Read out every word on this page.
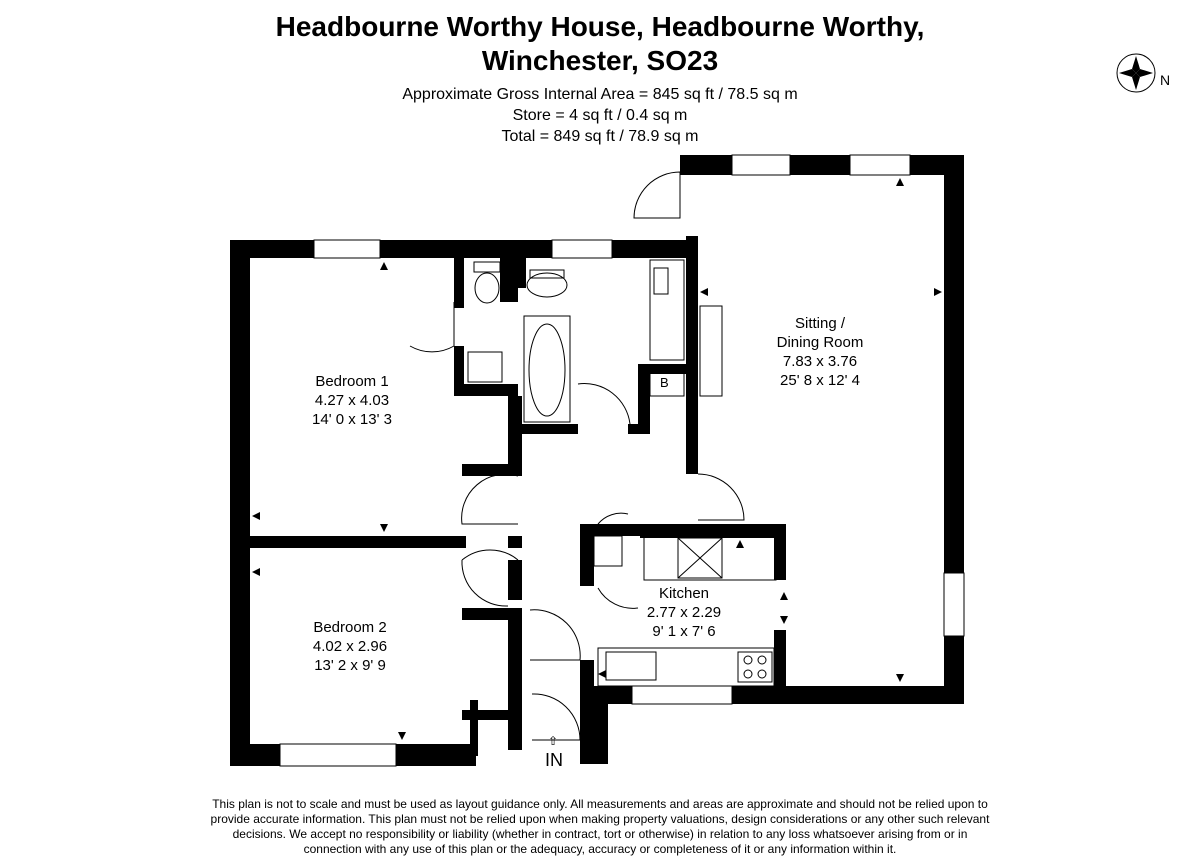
Headbourne Worthy House, Headbourne Worthy,
Winchester, SO23
Approximate Gross Internal Area = 845 sq ft / 78.5 sq m
Store = 4 sq ft / 0.4 sq m
Total = 849 sq ft / 78.9 sq m
Bedroom 1
4.27 x 4.03
14' 0 x 13' 3
Bedroom 2
4.02 x 2.96
13' 2 x 9' 9
Sitting /
Dining Room
7.83 x 3.76
25' 8 x 12' 4
Kitchen
2.77 x 2.29
9' 1 x 7' 6
B
N
⇧
IN
This plan is not to scale and must be used as layout guidance only. All measurements and areas are approximate and should not be relied upon to
provide accurate information. This plan must not be relied upon when making property valuations, design considerations or any other such relevant
decisions. We accept no responsibility or liability (whether in contract, tort or otherwise) in relation to any loss whatsoever arising from or in
connection with any use of this plan or the adequacy, accuracy or completeness of it or any information within it.
